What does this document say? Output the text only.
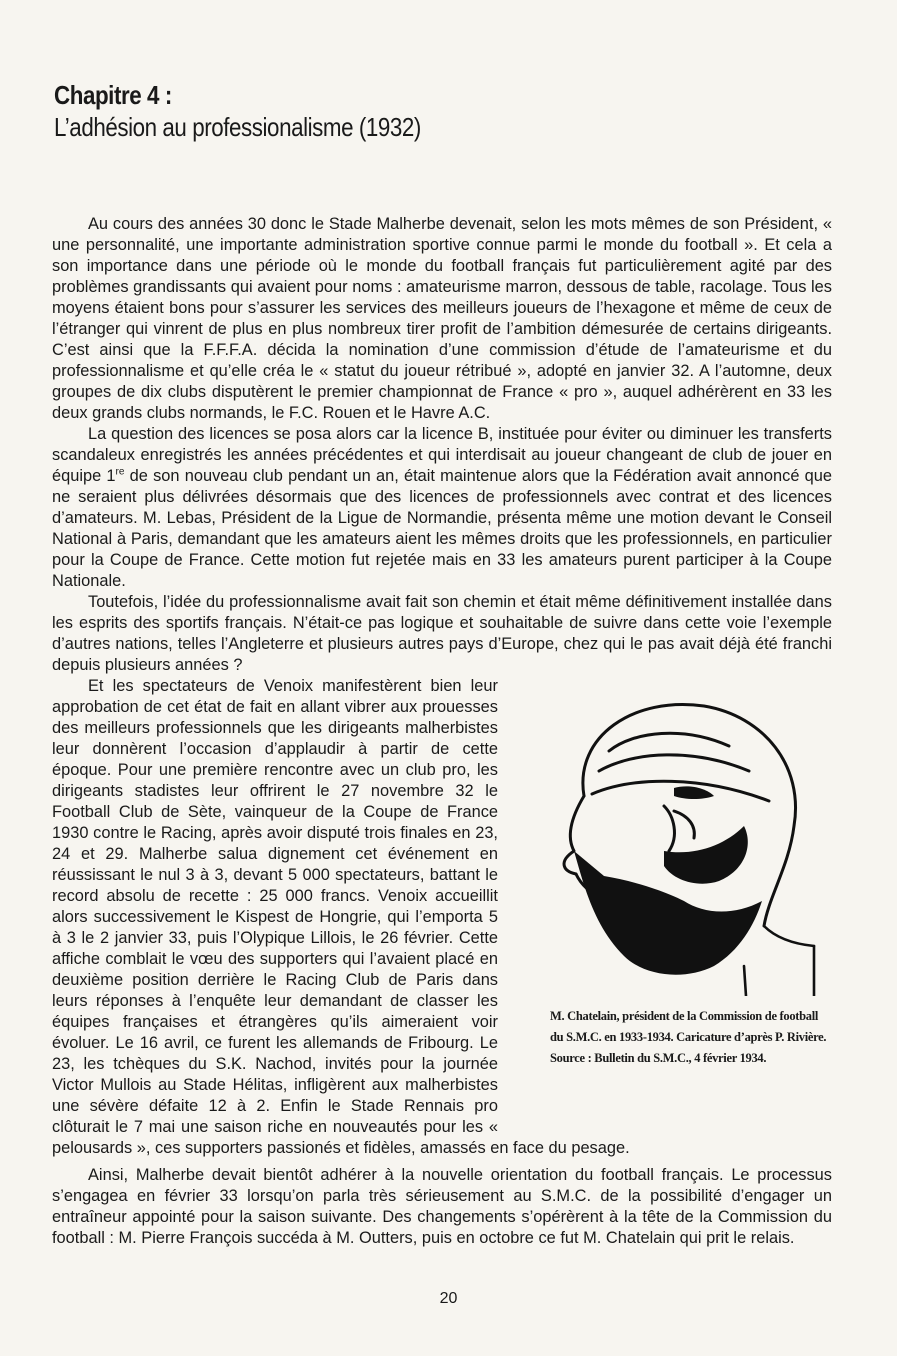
Chapitre 4 :
L’adhésion au professionalisme (1932)

Au cours des années 30 donc le Stade Malherbe devenait, selon les mots mêmes de son Président, « une personnalité, une importante administration sportive connue parmi le monde du football ». Et cela a son importance dans une période où le monde du football français fut particulièrement agité par des problèmes grandissants qui avaient pour noms : amateurisme marron, dessous de table, racolage. Tous les moyens étaient bons pour s’assurer les services des meilleurs joueurs de l’hexagone et même de ceux de l’étranger qui vinrent de plus en plus nombreux tirer profit de l’ambition démesurée de certains dirigeants. C’est ainsi que la F.F.F.A. décida la nomination d’une commission d’étude de l’amateurisme et du professionnalisme et qu’elle créa le « statut du joueur rétribué », adopté en janvier 32. A l’automne, deux groupes de dix clubs disputèrent le premier championnat de France « pro », auquel adhérèrent en 33 les deux grands clubs normands, le F.C. Rouen et le Havre A.C.

La question des licences se posa alors car la licence B, instituée pour éviter ou diminuer les transferts scandaleux enregistrés les années précédentes et qui interdisait au joueur changeant de club de jouer en équipe 1re de son nouveau club pendant un an, était maintenue alors que la Fédération avait annoncé que ne seraient plus délivrées désormais que des licences de professionnels avec contrat et des licences d’amateurs. M. Lebas, Président de la Ligue de Normandie, présenta même une motion devant le Conseil National à Paris, demandant que les amateurs aient les mêmes droits que les professionnels, en particulier pour la Coupe de France. Cette motion fut rejetée mais en 33 les amateurs purent participer à la Coupe Nationale.

Toutefois, l’idée du professionnalisme avait fait son chemin et était même définitivement installée dans les esprits des sportifs français. N’était-ce pas logique et souhaitable de suivre dans cette voie l’exemple d’autres nations, telles l’Angleterre et plusieurs autres pays d’Europe, chez qui le pas avait déjà été franchi depuis plusieurs années ?

M. Chatelain, président de la Commission de football
du S.M.C. en 1933-1934. Caricature d’après P. Rivière.
Source : Bulletin du S.M.C., 4 février 1934.
Et les spectateurs de Venoix manifestèrent bien leur approbation de cet état de fait en allant vibrer aux prouesses des meilleurs professionnels que les dirigeants malherbistes leur donnèrent l’occasion d’applaudir à partir de cette époque. Pour une première rencontre avec un club pro, les dirigeants stadistes leur offrirent le 27 novembre 32 le Football Club de Sète, vainqueur de la Coupe de France 1930 contre le Racing, après avoir disputé trois finales en 23, 24 et 29. Malherbe salua dignement cet événement en réussissant le nul 3 à 3, devant 5 000 spectateurs, battant le record absolu de recette : 25 000 francs. Venoix accueillit alors successivement le Kispest de Hongrie, qui l’emporta 5 à 3 le 2 janvier 33, puis l’Olypique Lillois, le 26 février. Cette affiche comblait le vœu des supporters qui l’avaient placé en deuxième position derrière le Racing Club de Paris dans leurs réponses à l’enquête leur demandant de classer les équipes françaises et étrangères qu’ils aimeraient voir évoluer. Le 16 avril, ce furent les allemands de Fribourg. Le 23, les tchèques du S.K. Nachod, invités pour la journée Victor Mullois au Stade Hélitas, infligèrent aux malherbistes une sévère défaite 12 à 2. Enfin le Stade Rennais pro clôturait le 7 mai une saison riche en nouveautés pour les « pelousards », ces supporters passionés et fidèles, amassés en face du pesage.

Ainsi, Malherbe devait bientôt adhérer à la nouvelle orientation du football français. Le processus s’engagea en février 33 lorsqu’on parla très sérieusement au S.M.C. de la possibilité d’engager un entraîneur appointé pour la saison suivante. Des changements s’opérèrent à la tête de la Commission du football : M. Pierre François succéda à M. Outters, puis en octobre ce fut M. Chatelain qui prit le relais.

20
